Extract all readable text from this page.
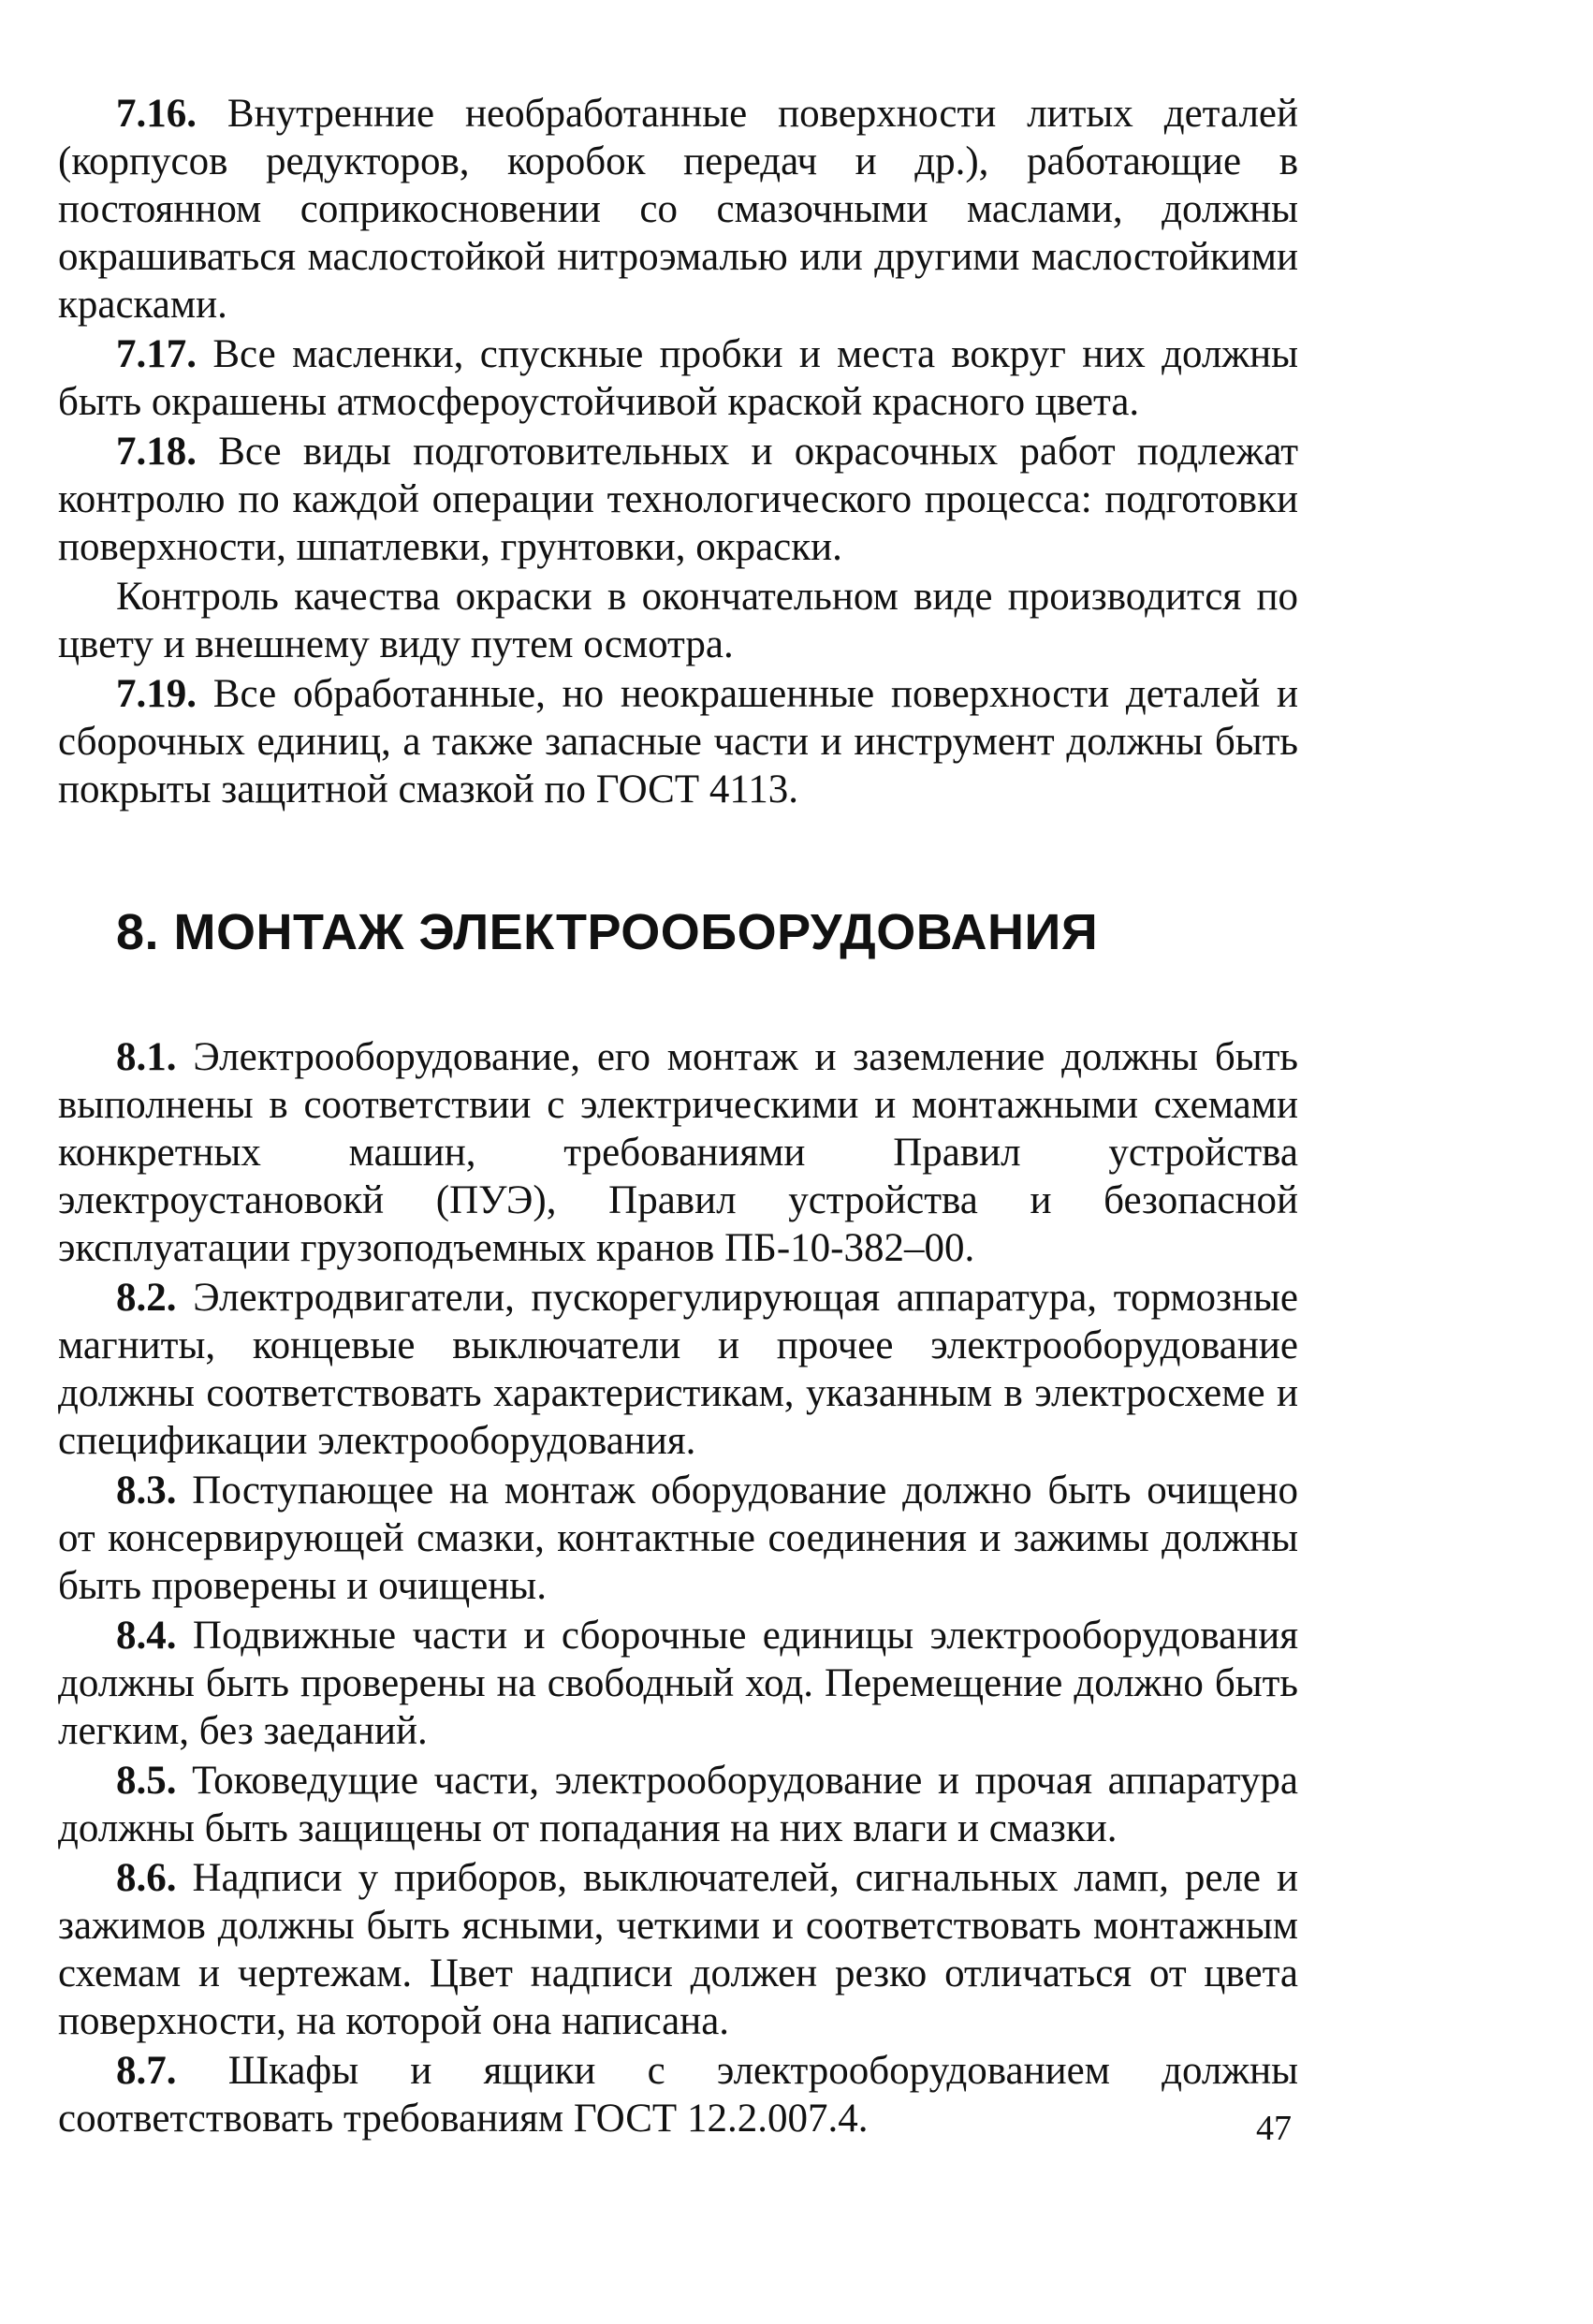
7.16. Внутренние необработанные поверхности литых деталей (корпусов редукторов, коробок передач и др.), работающие в постоянном соприкосновении со смазочными маслами, должны окрашиваться маслостойкой нитроэмалью или другими маслостойкими красками.

7.17. Все масленки, спускные пробки и места вокруг них должны быть окрашены атмосфероустойчивой краской красного цвета.

7.18. Все виды подготовительных и окрасочных работ подлежат контролю по каждой операции технологического процесса: подготовки поверхности, шпатлевки, грунтовки, окраски.

Контроль качества окраски в окончательном виде производится по цвету и внешнему виду путем осмотра.

7.19. Все обработанные, но неокрашенные поверхности деталей и сборочных единиц, а также запасные части и инструмент должны быть покрыты защитной смазкой по ГОСТ 4113.

8. МОНТАЖ ЭЛЕКТРООБОРУДОВАНИЯ

8.1. Электрооборудование, его монтаж и заземление должны быть выполнены в соответствии с электрическими и монтажными схемами конкретных машин, требованиями Правил устройства электроустановокй (ПУЭ), Правил устройства и безопасной эксплуатации грузоподъемных кранов ПБ-10-382–00.

8.2. Электродвигатели, пускорегулирующая аппаратура, тормозные магниты, концевые выключатели и прочее электрооборудование должны соответствовать характеристикам, указанным в электросхеме и спецификации электрооборудования.

8.3. Поступающее на монтаж оборудование должно быть очищено от консервирующей смазки, контактные соединения и зажимы должны быть проверены и очищены.

8.4. Подвижные части и сборочные единицы электрооборудования должны быть проверены на свободный ход. Перемещение должно быть легким, без заеданий.

8.5. Токоведущие части, электрооборудование и прочая аппаратура должны быть защищены от попадания на них влаги и смазки.

8.6. Надписи у приборов, выключателей, сигнальных ламп, реле и зажимов должны быть ясными, четкими и соответствовать монтажным схемам и чертежам. Цвет надписи должен резко отличаться от цвета поверхности, на которой она написана.

8.7. Шкафы и ящики с электрооборудованием должны соответствовать требованиям ГОСТ 12.2.007.4.	47
